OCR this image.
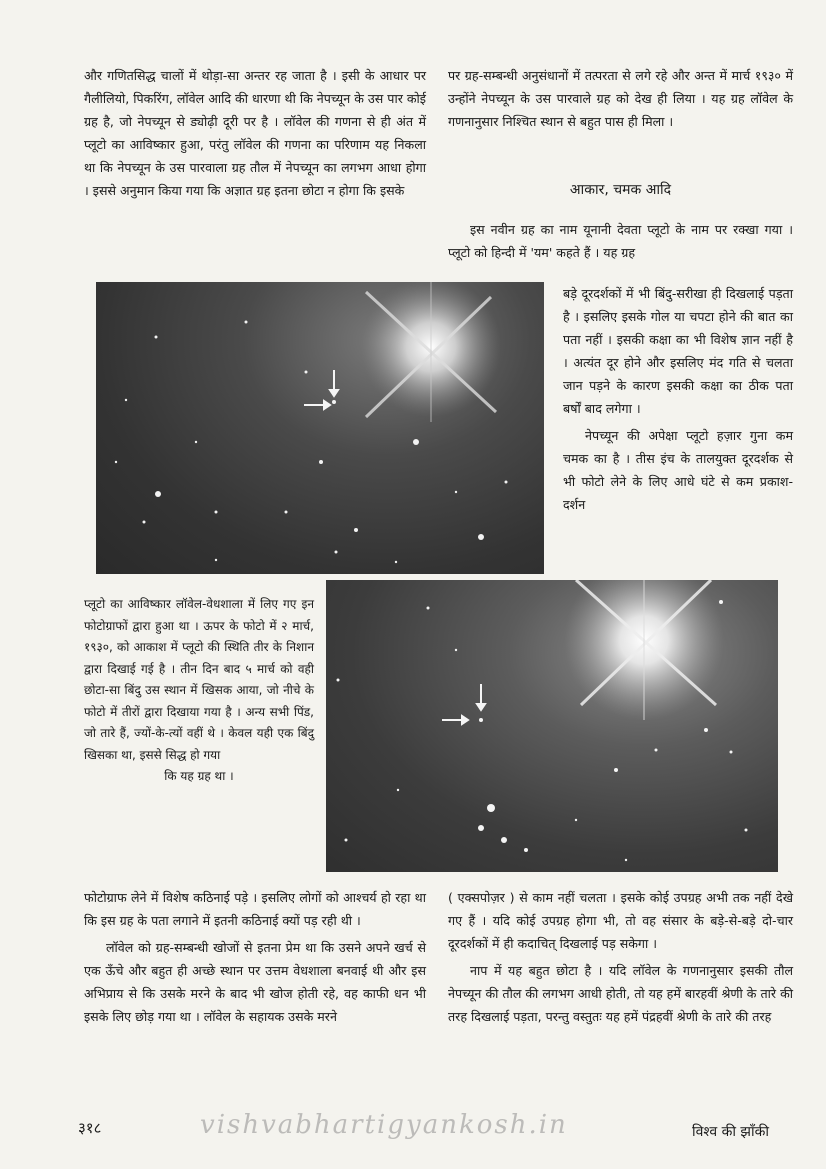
और गणितसिद्ध चालों में थोड़ा-सा अन्तर रह जाता है । इसी के आधार पर गैलीलियो, पिकरिंग, लॉवेल आदि की धारणा थी कि नेपच्यून के उस पार कोई ग्रह है, जो नेपच्यून से ड्योढ़ी दूरी पर है । लॉवेल की गणना से ही अंत में प्लूटो का आविष्कार हुआ, परंतु लॉवेल की गणना का परिणाम यह निकला था कि नेपच्यून के उस पारवाला ग्रह तौल में नेपच्यून का लगभग आधा होगा । इससे अनुमान किया गया कि अज्ञात ग्रह इतना छोटा न होगा कि इसके

पर ग्रह-सम्बन्धी अनुसंधानों में तत्परता से लगे रहे और अन्त में मार्च १९३० में उन्होंने नेपच्यून के उस पारवाले ग्रह को देख ही लिया । यह ग्रह लॉवेल के गणनानुसार निश्चित स्थान से बहुत पास ही मिला ।

आकार, चमक आदि

इस नवीन ग्रह का नाम यूनानी देवता प्लूटो के नाम पर रक्खा गया । प्लूटो को हिन्दी में 'यम' कहते हैं । यह ग्रह

बड़े दूरदर्शकों में भी बिंदु-सरीखा ही दिखलाई पड़ता है । इसलिए इसके गोल या चपटा होने की बात का पता नहीं । इसकी कक्षा का भी विशेष ज्ञान नहीं है । अत्यंत दूर होने और इसलिए मंद गति से चलता जान पड़ने के कारण इसकी कक्षा का ठीक पता बर्षों बाद लगेगा ।

नेपच्यून की अपेक्षा प्लूटो हज़ार गुना कम चमक का है । तीस इंच के तालयुक्त दूरदर्शक से भी फोटो लेने के लिए आधे घंटे से कम प्रकाश-दर्शन

प्लूटो का आविष्कार लॉवेल-वेधशाला में लिए गए इन फोटोग्राफों द्वारा हुआ था । ऊपर के फोटो में २ मार्च, १९३०, को आकाश में प्लूटो की स्थिति तीर के निशान द्वारा दिखाई गई है । तीन दिन बाद ५ मार्च को वही छोटा-सा बिंदु उस स्थान में खिसक आया, जो नीचे के फोटो में तीरों द्वारा दिखाया गया है । अन्य सभी पिंड, जो तारे हैं, ज्यों-के-त्यों वहीं थे । केवल यही एक बिंदु खिसका था, इससे सिद्ध हो गया

कि यह ग्रह था ।

फोटोग्राफ लेने में विशेष कठिनाई पड़े । इसलिए लोगों को आश्चर्य हो रहा था कि इस ग्रह के पता लगाने में इतनी कठिनाई क्यों पड़ रही थी ।

लॉवेल को ग्रह-सम्बन्धी खोजों से इतना प्रेम था कि उसने अपने खर्च से एक ऊँचे और बहुत ही अच्छे स्थान पर उत्तम वेधशाला बनवाई थी और इस अभिप्राय से कि उसके मरने के बाद भी खोज होती रहे, वह काफी धन भी इसके लिए छोड़ गया था । लॉवेल के सहायक उसके मरने

( एक्सपोज़र ) से काम नहीं चलता । इसके कोई उपग्रह अभी तक नहीं देखे गए हैं । यदि कोई उपग्रह होगा भी, तो वह संसार के बड़े-से-बड़े दो-चार दूरदर्शकों में ही कदाचित् दिखलाई पड़ सकेगा ।

नाप में यह बहुत छोटा है । यदि लॉवेल के गणनानुसार इसकी तौल नेपच्यून की तौल की लगभग आधी होती, तो यह हमें बारहवीं श्रेणी के तारे की तरह दिखलाई पड़ता, परन्तु वस्तुतः यह हमें पंद्रहवीं श्रेणी के तारे की तरह

३१८	vishvabhartigyankosh.in	विश्व की झाँकी
